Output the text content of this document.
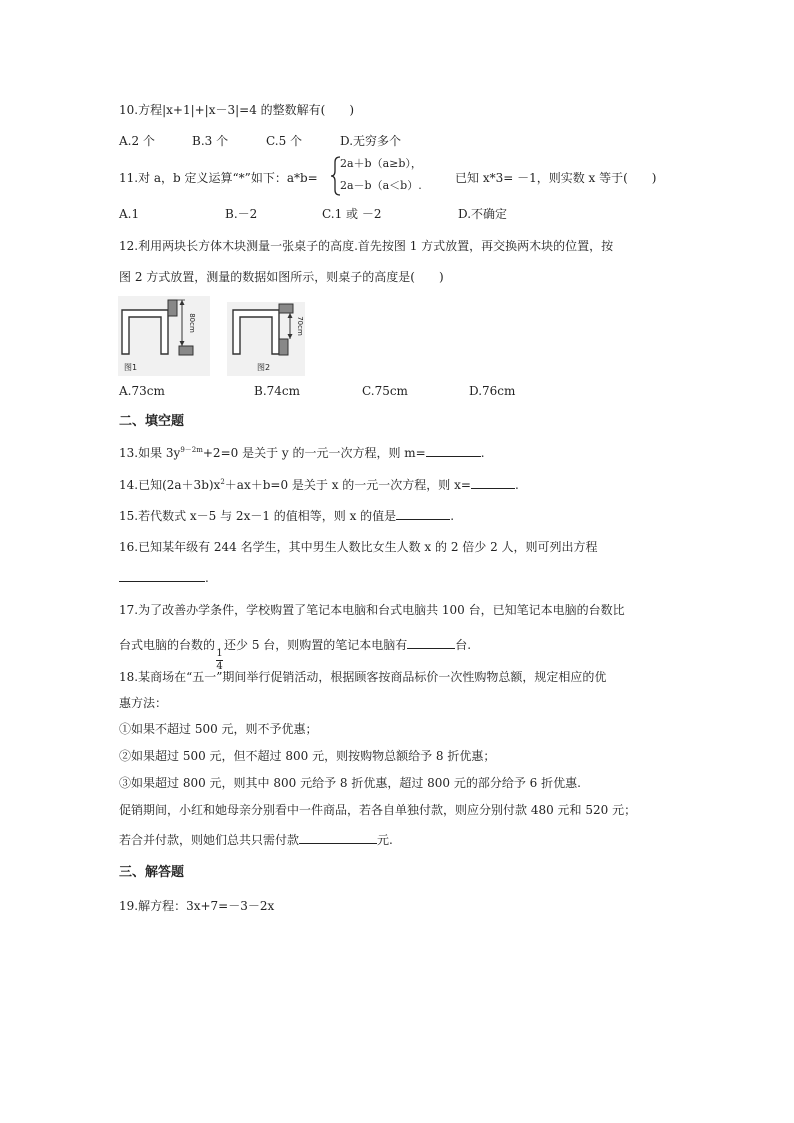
10.方程|x+1|+|x－3|=4 的整数解有(　　)
A.2 个	B.3 个	C.5 个	D.无穷多个
11.对 a，b 定义运算“*”如下：a*b=
2a＋b（a≥b），
2a－b（a＜b）.
已知 x*3= －1，则实数 x 等于(　　)
A.1	B.－2	C.1 或 －2	D.不确定
12.利用两块长方体木块测量一张桌子的高度.首先按图 1 方式放置，再交换两木块的位置，按
图 2 方式放置，测量的数据如图所示，则桌子的高度是(　　)
80cm
图1
70cm
图2
A.73cm	B.74cm	C.75cm	D.76cm
二、填空题
13.如果 $3y^{9-2m}+2=0$ 是关于 y 的一元一次方程，则 m=	.
14.已知$(2a+3b)x^2+ax+b=0$ 是关于 x 的一元一次方程，则 x=	.
15.若代数式 x－5 与 2x－1 的值相等，则 x 的值是	.
16.已知某年级有 244 名学生，其中男生人数比女生人数 x 的 2 倍少 2 人，则可列出方程
.
17.为了改善办学条件，学校购置了笔记本电脑和台式电脑共 100 台，已知笔记本电脑的台数比
台式电脑的台数的
$\frac{1}{4}$
还少 5 台，则购置的笔记本电脑有	台.
18.某商场在“五一”期间举行促销活动，根据顾客按商品标价一次性购物总额，规定相应的优
惠方法：
①如果不超过 500 元，则不予优惠；
②如果超过 500 元，但不超过 800 元，则按购物总额给予 8 折优惠；
③如果超过 800 元，则其中 800 元给予 8 折优惠，超过 800 元的部分给予 6 折优惠.
促销期间，小红和她母亲分别看中一件商品，若各自单独付款，则应分别付款 480 元和 520 元；
若合并付款，则她们总共只需付款	元.
三、解答题
19.解方程：3x+7=－3－2x
